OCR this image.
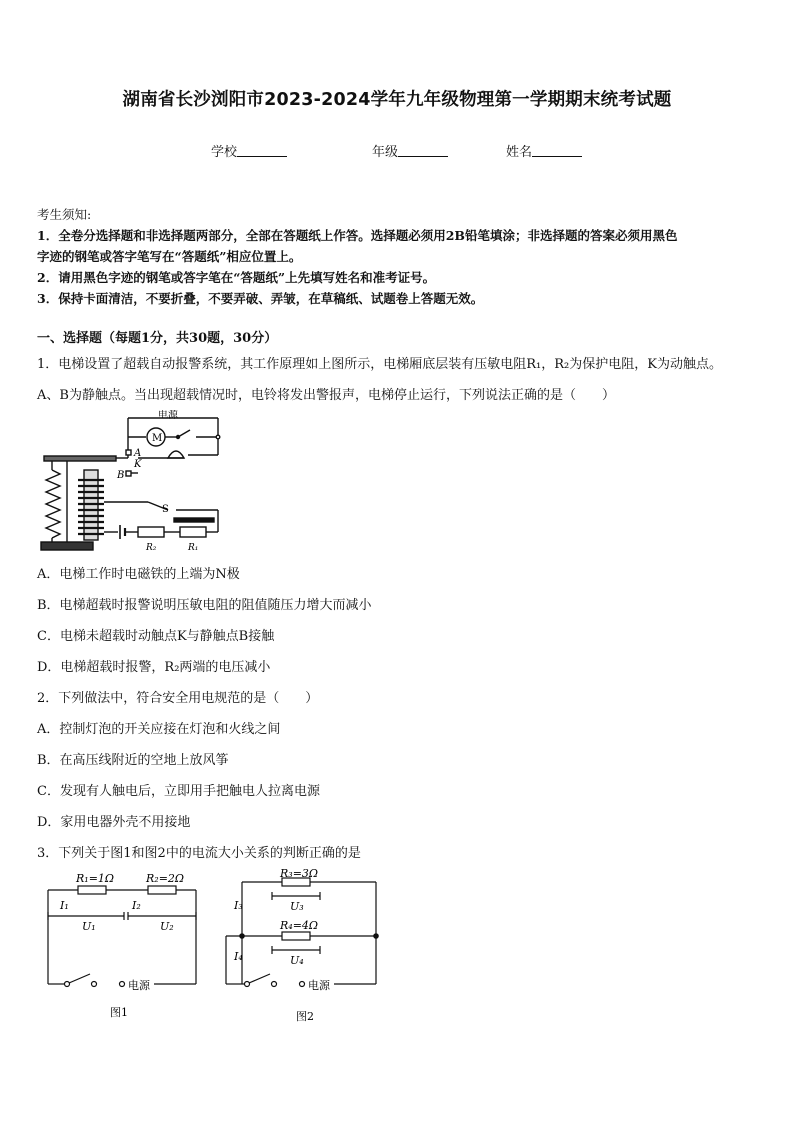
湖南省长沙浏阳市2023-2024学年九年级物理第一学期期末统考试题
学校	年级	姓名
考生须知:
1．全卷分选择题和非选择题两部分，全部在答题纸上作答。选择题必须用2B铅笔填涂；非选择题的答案必须用黑色
字迹的钢笔或答字笔写在“答题纸”相应位置上。
2．请用黑色字迹的钢笔或答字笔在“答题纸”上先填写姓名和准考证号。
3．保持卡面清洁，不要折叠，不要弄破、弄皱，在草稿纸、试题卷上答题无效。
一、选择题（每题1分，共30题，30分）
1．电梯设置了超载自动报警系统，其工作原理如上图所示，电梯厢底层装有压敏电阻R₁，R₂为保护电阻，K为动触点。
A、B为静触点。当出现超载情况时，电铃将发出警报声，电梯停止运行，下列说法正确的是（　　）
电源
M
A
K
B
S
R₂	R₁
A．电梯工作时电磁铁的上端为N极
B．电梯超载时报警说明压敏电阻的阻值随压力增大而减小
C．电梯未超载时动触点K与静触点B接触
D．电梯超载时报警，R₂两端的电压减小
2．下列做法中，符合安全用电规范的是（　　）
A．控制灯泡的开关应接在灯泡和火线之间
B．在高压线附近的空地上放风筝
C．发现有人触电后，立即用手把触电人拉离电源
D．家用电器外壳不用接地
3．下列关于图1和图2中的电流大小关系的判断正确的是
R₁=1Ω	R₂=2Ω
I₁	I₂
U₁	U₂
电源
图1
R₃=3Ω
R₄=4Ω
I₃
I₄
U₃
U₄
电源
图2
